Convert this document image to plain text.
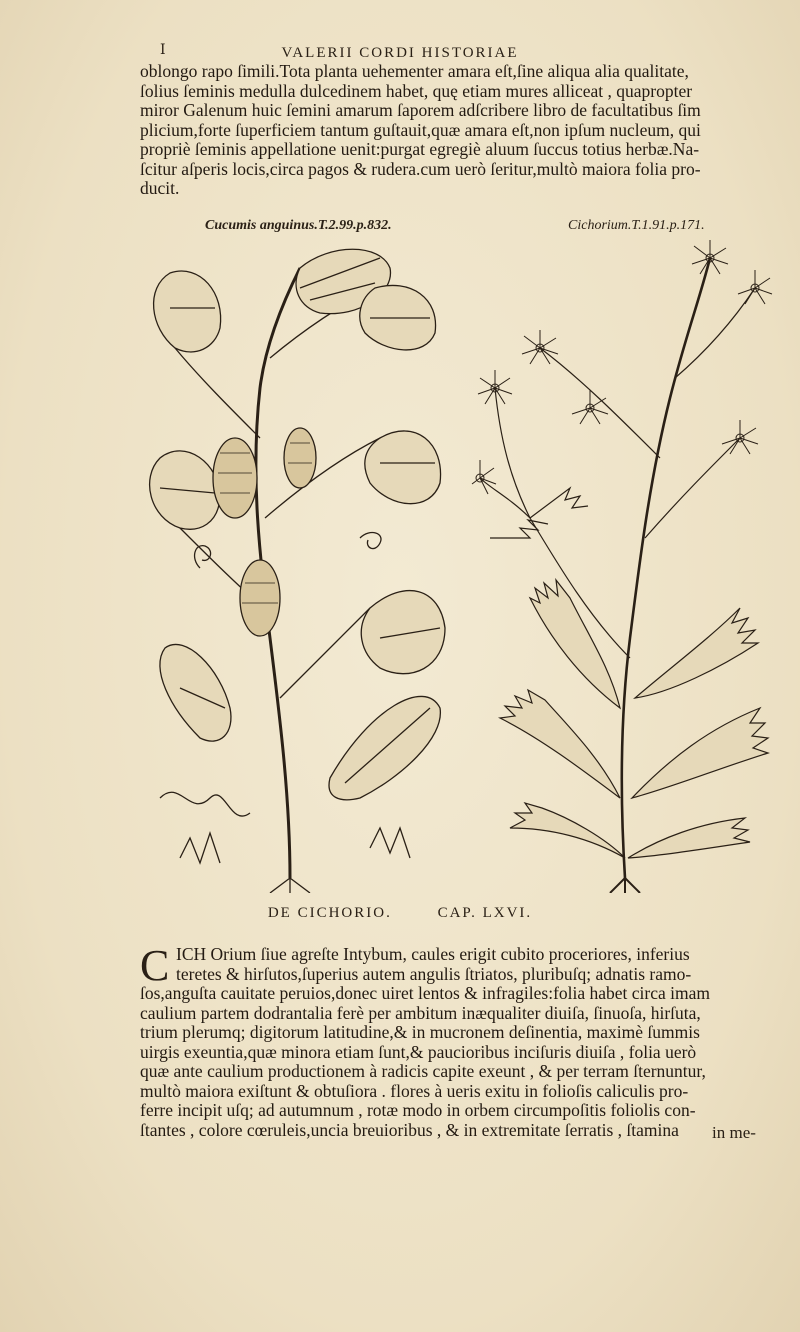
I	VALERII CORDI HISTORIAE
oblongo rapo ſimili.Tota planta uehementer amara eſt,ſine aliqua alia qualitate,
ſolius ſeminis medulla dulcedinem habet, quę etiam mures alliceat , quapropter
miror Galenum huic ſemini amarum ſaporem adſcribere libro de facultatibus ſim
plicium,forte ſuperficiem tantum guſtauit,quæ amara eſt,non ipſum nucleum, qui
propriè ſeminis appellatione uenit:purgat egregiè aluum ſuccus totius herbæ.Na-
ſcitur aſperis locis,circa pagos & rudera.cum uerò ſeritur,multò maiora folia pro-
ducit.
Cucumis anguinus.T.2.99.p.832.	Cichorium.T.1.91.p.171.
DE CICHORIO.	CAP. LXVI.
C ICH Orium ſiue agreſte Intybum, caules erigit cubito proceriores, inferius
teretes & hirſutos,ſuperius autem angulis ſtriatos, pluribuſq; adnatis ramo-
ſos,anguſta cauitate peruios,donec uiret lentos & infragiles:folia habet circa imam
caulium partem dodrantalia ferè per ambitum inæqualiter diuiſa, ſinuoſa, hirſuta,
trium plerumq; digitorum latitudine,& in mucronem deſinentia, maximè ſummis
uirgis exeuntia,quæ minora etiam ſunt,& paucioribus inciſuris diuiſa , folia uerò
quæ ante caulium productionem à radicis capite exeunt , & per terram ſternuntur,
multò maiora exiſtunt & obtuſiora . flores à ueris exitu in folioſis caliculis pro-
ferre incipit uſq; ad autumnum , rotæ modo in orbem circumpoſitis foliolis con-
ſtantes , colore cœruleis,uncia breuioribus , & in extremitate ſerratis , ſtamina	in me-
